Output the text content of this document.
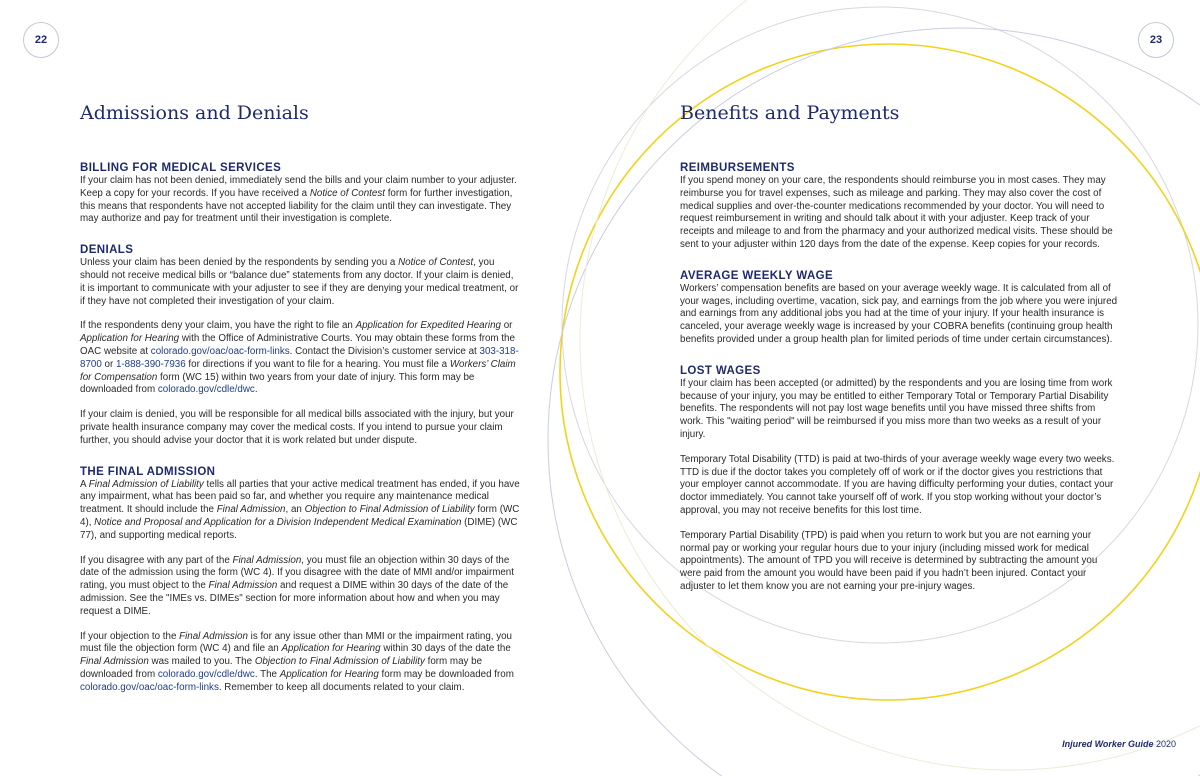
22	23
Admissions and Denials
BILLING FOR MEDICAL SERVICES

If your claim has not been denied, immediately send the bills and your claim number to your adjuster. Keep a copy for your records. If you have received a Notice of Contest form for further investigation, this means that respondents have not accepted liability for the claim until they can investigate. They may authorize and pay for treatment until their investigation is complete.

DENIALS

Unless your claim has been denied by the respondents by sending you a Notice of Contest, you should not receive medical bills or “balance due” statements from any doctor. If your claim is denied, it is important to communicate with your adjuster to see if they are denying your medical treatment, or if they have not completed their investigation of your claim.

If the respondents deny your claim, you have the right to file an Application for Expedited Hearing or Application for Hearing with the Office of Administrative Courts. You may obtain these forms from the OAC website at colorado.gov/oac/oac-form-links. Contact the Division’s customer service at 303-318-8700 or 1-888-390-7936 for directions if you want to file for a hearing. You must file a Workers’ Claim for Compensation form (WC 15) within two years from your date of injury. This form may be downloaded from colorado.gov/cdle/dwc.

If your claim is denied, you will be responsible for all medical bills associated with the injury, but your private health insurance company may cover the medical costs. If you intend to pursue your claim further, you should advise your doctor that it is work related but under dispute.

THE FINAL ADMISSION

A Final Admission of Liability tells all parties that your active medical treatment has ended, if you have any impairment, what has been paid so far, and whether you require any maintenance medical treatment. It should include the Final Admission, an Objection to Final Admission of Liability form (WC 4), Notice and Proposal and Application for a Division Independent Medical Examination (DIME) (WC 77), and supporting medical reports.

If you disagree with any part of the Final Admission, you must file an objection within 30 days of the date of the admission using the form (WC 4). If you disagree with the date of MMI and/or impairment rating, you must object to the Final Admission and request a DIME within 30 days of the date of the admission. See the "IMEs vs. DIMEs" section for more information about how and when you may request a DIME.

If your objection to the Final Admission is for any issue other than MMI or the impairment rating, you must file the objection form (WC 4) and file an Application for Hearing within 30 days of the date the Final Admission was mailed to you. The Objection to Final Admission of Liability form may be downloaded from colorado.gov/cdle/dwc. The Application for Hearing form may be downloaded from colorado.gov/oac/oac-form-links. Remember to keep all documents related to your claim.

Benefits and Payments
REIMBURSEMENTS

If you spend money on your care, the respondents should reimburse you in most cases. They may reimburse you for travel expenses, such as mileage and parking. They may also cover the cost of medical supplies and over-the-counter medications recommended by your doctor. You will need to request reimbursement in writing and should talk about it with your adjuster. Keep track of your receipts and mileage to and from the pharmacy and your authorized medical visits. These should be sent to your adjuster within 120 days from the date of the expense. Keep copies for your records.

AVERAGE WEEKLY WAGE

Workers’ compensation benefits are based on your average weekly wage. It is calculated from all of your wages, including overtime, vacation, sick pay, and earnings from the job where you were injured and earnings from any additional jobs you had at the time of your injury. If your health insurance is canceled, your average weekly wage is increased by your COBRA benefits (continuing group health benefits provided under a group health plan for limited periods of time under certain circumstances).

LOST WAGES

If your claim has been accepted (or admitted) by the respondents and you are losing time from work because of your injury, you may be entitled to either Temporary Total or Temporary Partial Disability benefits. The respondents will not pay lost wage benefits until you have missed three shifts from work. This "waiting period" will be reimbursed if you miss more than two weeks as a result of your injury.

Temporary Total Disability (TTD) is paid at two-thirds of your average weekly wage every two weeks. TTD is due if the doctor takes you completely off of work or if the doctor gives you restrictions that your employer cannot accommodate. If you are having difficulty performing your duties, contact your doctor immediately. You cannot take yourself off of work. If you stop working without your doctor’s approval, you may not receive benefits for this lost time.

Temporary Partial Disability (TPD) is paid when you return to work but you are not earning your normal pay or working your regular hours due to your injury (including missed work for medical appointments). The amount of TPD you will receive is determined by subtracting the amount you were paid from the amount you would have been paid if you hadn’t been injured. Contact your adjuster to let them know you are not earning your pre-injury wages.

Injured Worker Guide 2020
